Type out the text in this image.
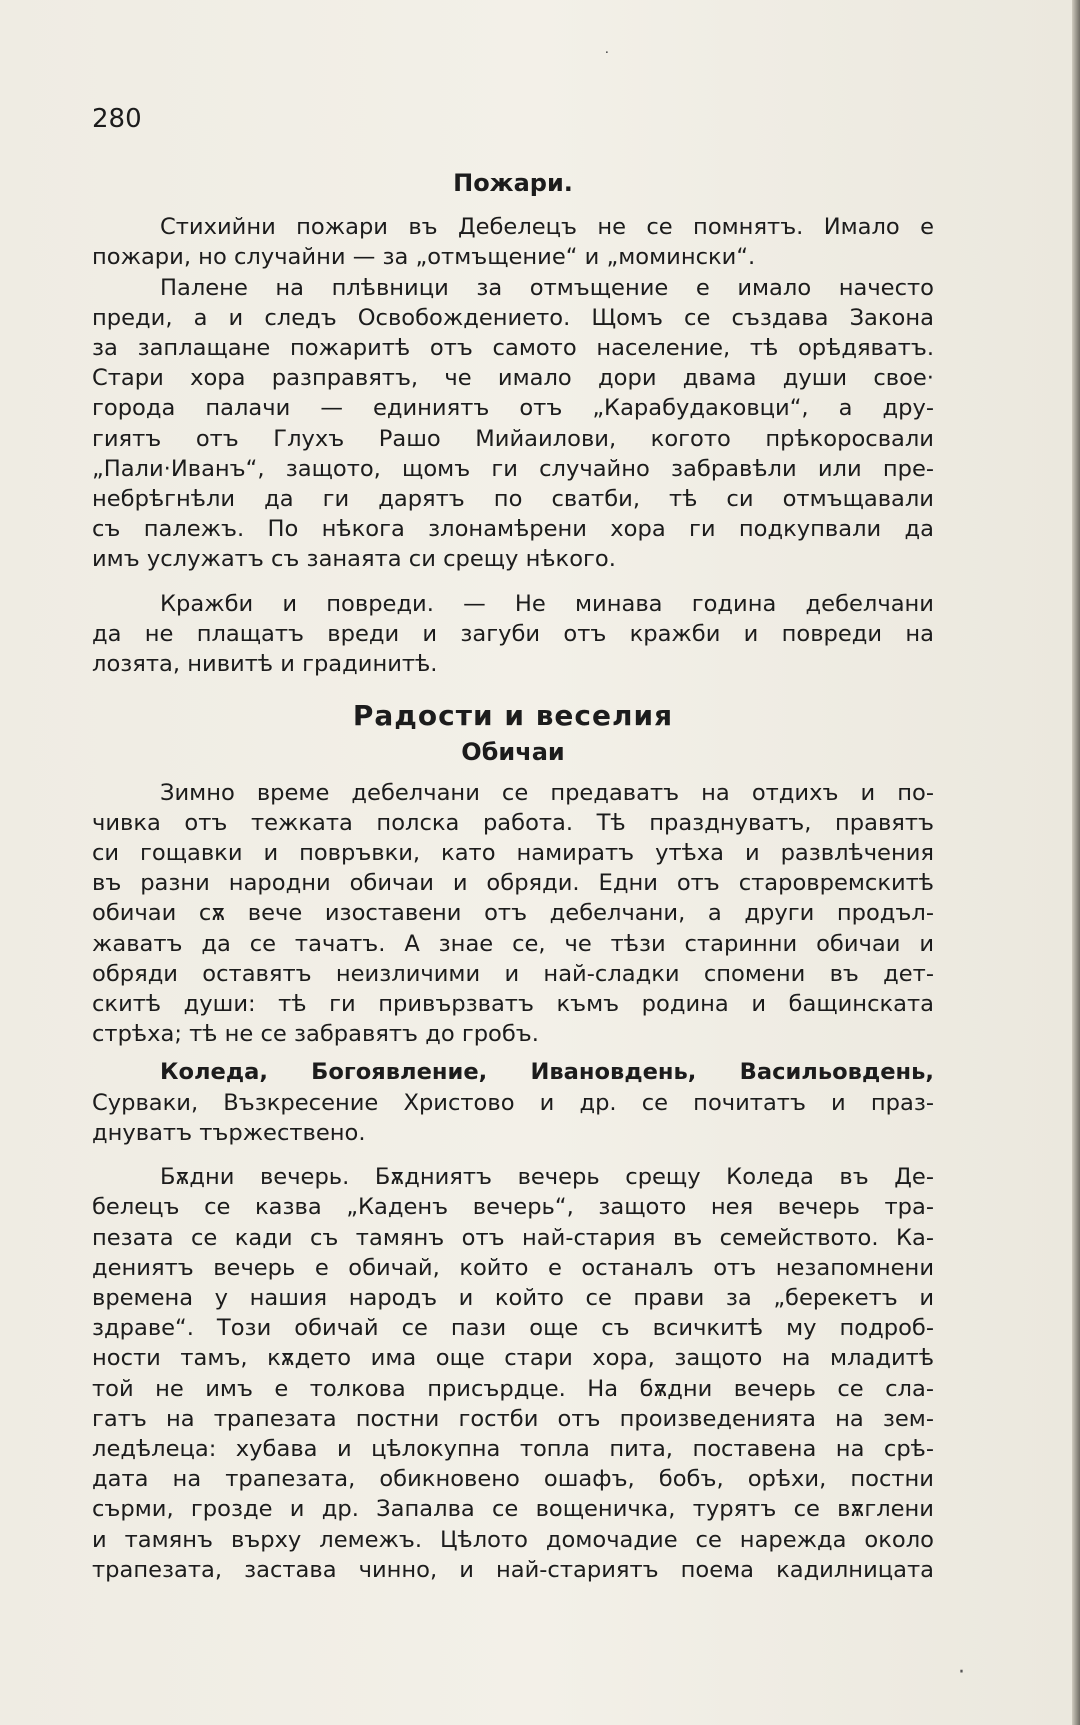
280
Пожари.

Стихийни пожари въ Дебелецъ не се помнятъ. Имало е

пожари, но случайни — за „отмъщение“ и „момински“.

Палене на плѣвници за отмъщение е имало начесто

преди, а и следъ Освобождението. Щомъ се създава Закона

за заплащане пожаритѣ отъ самото население, тѣ орѣдяватъ.

Стари хора разправятъ, че имало дори двама души свое·

города палачи — единиятъ отъ „Карабудаковци“, а дру-

гиятъ отъ Глухъ Рашо Мийаилови, когото прѣкоросвали

„Пали·Иванъ“, защото, щомъ ги случайно забравѣли или пре-

небрѣгнѣли да ги дарятъ по сватби, тѣ си отмъщавали

съ палежъ. По нѣкога злонамѣрени хора ги подкупвали да

имъ услужатъ съ занаята си срещу нѣкого.

Кражби и повреди. — Не минава година дебелчани

да не плащатъ вреди и загуби отъ кражби и повреди на

лозята, нивитѣ и градинитѣ.

Радости и веселия
Обичаи

Зимно време дебелчани се предаватъ на отдихъ и по-

чивка отъ тежката полска работа. Тѣ празднуватъ, правятъ

си гощавки и повръвки, като намиратъ утѣха и развлѣчения

въ разни народни обичаи и обряди. Едни отъ старовремскитѣ

обичаи сѫ вече изоставени отъ дебелчани, а други продъл-

жаватъ да се тачатъ. А знае се, че тѣзи старинни обичаи и

обряди оставятъ неизличими и най-сладки спомени въ дет-

скитѣ души: тѣ ги привързватъ къмъ родина и бащинската

стрѣха; тѣ не се забравятъ до гробъ.

Коледа, Богоявление, Ивановдень, Васильовдень,

Сурваки, Възкресение Христово и др. се почитатъ и праз-

днуватъ тържествено.

Бѫдни вечерь. Бѫдниятъ вечерь срещу Коледа въ Де-

белецъ се казва „Каденъ вечерь“, защото нея вечерь тра-

пезата се кади съ тамянъ отъ най-стария въ семейството. Ка-

дениятъ вечерь е обичай, който е останалъ отъ незапомнени

времена у нашия народъ и който се прави за „берекетъ и

здраве“. Този обичай се пази още съ всичкитѣ му подроб-

ности тамъ, кѫдето има още стари хора, защото на младитѣ

той не имъ е толкова присърдце. На бѫдни вечерь се сла-

гатъ на трапезата постни гостби отъ произведенията на зем-

ледѣлеца: хубава и цѣлокупна топла пита, поставена на срѣ-

дата на трапезата, обикновено ошафъ, бобъ, орѣхи, постни

сърми, грозде и др. Запалва се вощеничка, турятъ се вѫглени

и тамянъ върху лемежъ. Цѣлото домочадие се нарежда около

трапезата, застава чинно, и най-стариятъ поема кадилницата

·
